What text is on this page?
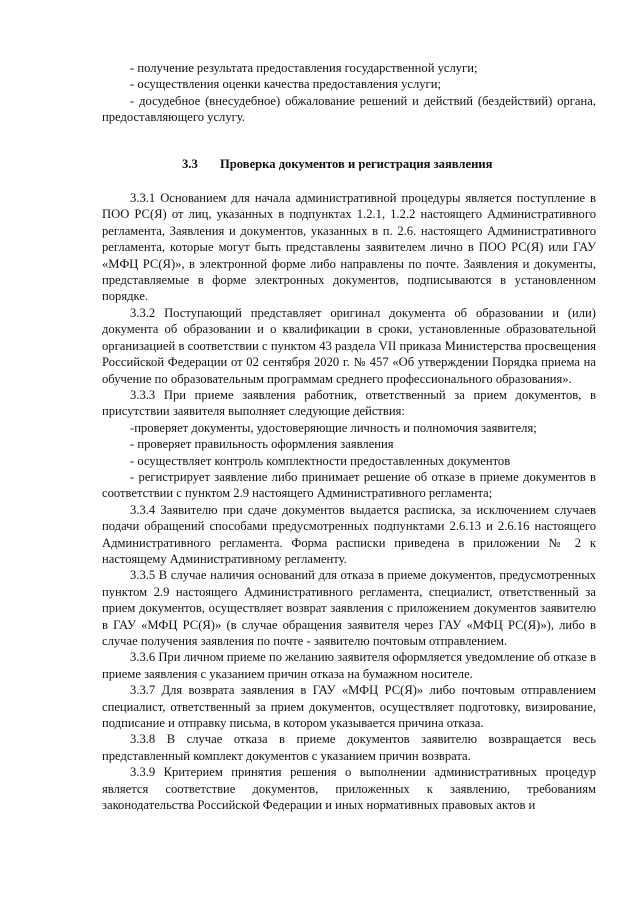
- получение результата предоставления государственной услуги;

- осуществления оценки качества предоставления услуги;

- досудебное (внесудебное) обжалование решений и действий (бездействий) органа, предоставляющего услугу.

3.3 Проверка документов и регистрация заявления

3.3.1 Основанием для начала административной процедуры является поступление в ПОО РС(Я) от лиц, указанных в подпунктах 1.2.1, 1.2.2 настоящего Административного регламента, Заявления и документов, указанных в п. 2.6. настоящего Административного регламента, которые могут быть представлены заявителем лично в ПОО РС(Я) или ГАУ «МФЦ РС(Я)», в электронной форме либо направлены по почте. Заявления и документы, представляемые в форме электронных документов, подписываются в установленном порядке.

3.3.2 Поступающий представляет оригинал документа об образовании и (или) документа об образовании и о квалификации в сроки, установленные образовательной организацией в соответствии с пунктом 43 раздела VII приказа Министерства просвещения Российской Федерации от 02 сентября 2020 г. № 457 «Об утверждении Порядка приема на обучение по образовательным программам среднего профессионального образования».

3.3.3 При приеме заявления работник, ответственный за прием документов, в присутствии заявителя выполняет следующие действия:

-проверяет документы, удостоверяющие личность и полномочия заявителя;

- проверяет правильность оформления заявления

- осуществляет контроль комплектности предоставленных документов

- регистрирует заявление либо принимает решение об отказе в приеме документов в соответствии с пунктом 2.9 настоящего Административного регламента;

3.3.4 Заявителю при сдаче документов выдается расписка, за исключением случаев подачи обращений способами предусмотренных подпунктами 2.6.13 и 2.6.16 настоящего Административного регламента. Форма расписки приведена в приложении № 2 к настоящему Административному регламенту.

3.3.5 В случае наличия оснований для отказа в приеме документов, предусмотренных пунктом 2.9 настоящего Административного регламента, специалист, ответственный за прием документов, осуществляет возврат заявления с приложением документов заявителю в ГАУ «МФЦ РС(Я)» (в случае обращения заявителя через ГАУ «МФЦ РС(Я)»), либо в случае получения заявления по почте - заявителю почтовым отправлением.

3.3.6 При личном приеме по желанию заявителя оформляется уведомление об отказе в приеме заявления с указанием причин отказа на бумажном носителе.

3.3.7 Для возврата заявления в ГАУ «МФЦ РС(Я)» либо почтовым отправлением специалист, ответственный за прием документов, осуществляет подготовку, визирование, подписание и отправку письма, в котором указывается причина отказа.

3.3.8 В случае отказа в приеме документов заявителю возвращается весь представленный комплект документов с указанием причин возврата.

3.3.9 Критерием принятия решения о выполнении административных процедур является соответствие документов, приложенных к заявлению, требованиям законодательства Российской Федерации и иных нормативных правовых актов и
